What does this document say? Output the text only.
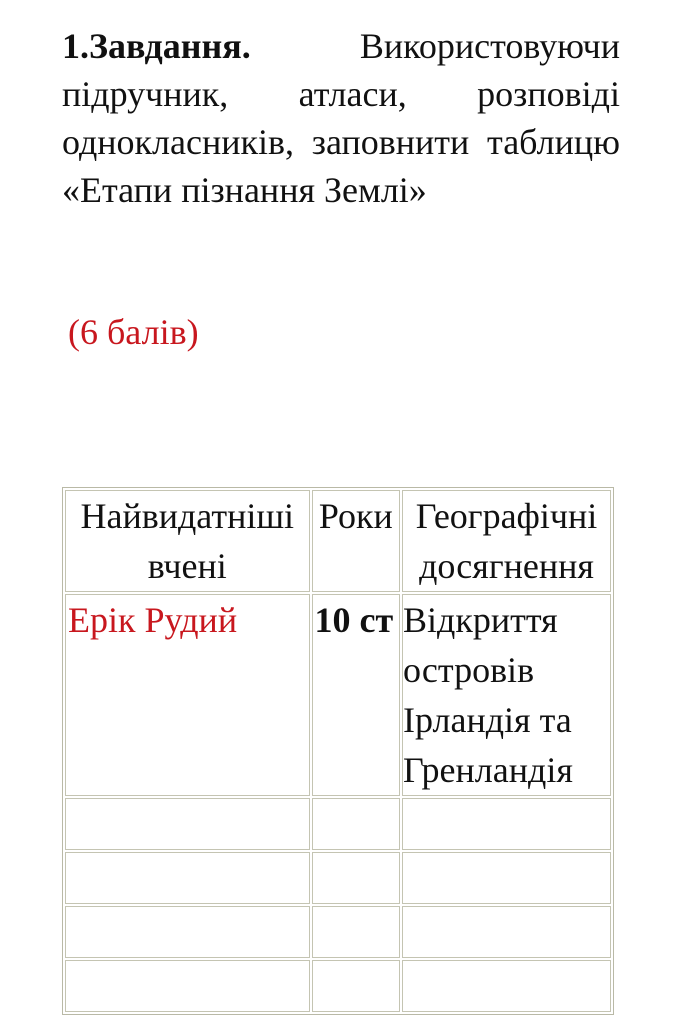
1.Завдання.	Використовуючи підручник, атласи, розповіді однокласників, заповнити таблицю «Етапи пізнання Землі»
(6 балів)
Найвидатніші вчені	Роки	Географічні досягнення
Ерік Рудий	10 ст	Відкриття островів Ірландія та Гренландія
